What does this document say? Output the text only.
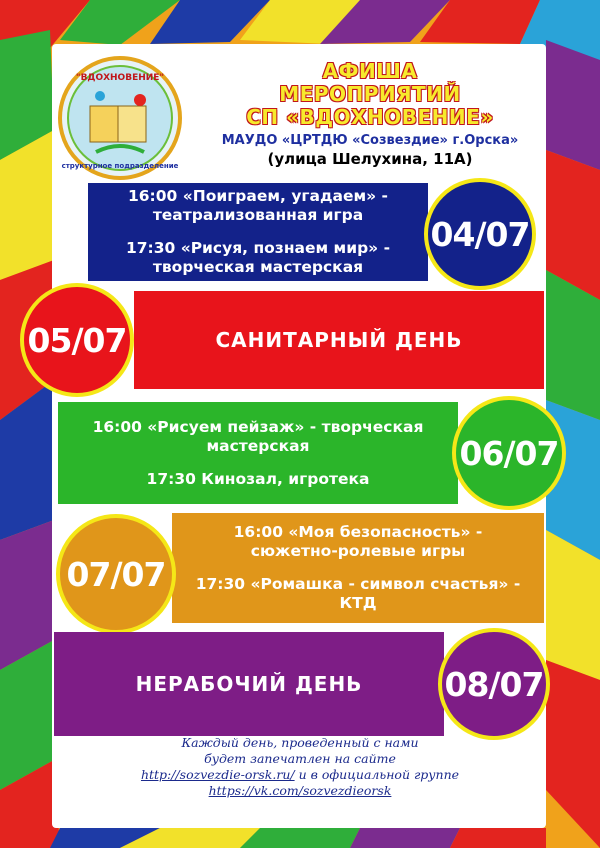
"ВДОХНОВЕНИЕ"
структурное подразделение
АФИША
МЕРОПРИЯТИЙ
СП «ВДОХНОВЕНИЕ»
МАУДО «ЦРТДЮ «Созвездие» г.Орска»
(улица Шелухина, 11А)
16:00 «Поиграем, угадаем» -
театрализованная игра
17:30 «Рисуя, познаем мир» -
творческая мастерская
04/07
САНИТАРНЫЙ ДЕНЬ
05/07
16:00 «Рисуем пейзаж» - творческая
мастерская
17:30 Кинозал, игротека
06/07
16:00 «Моя безопасность» -
сюжетно-ролевые игры
17:30 «Ромашка - символ счастья» -
КТД
07/07
НЕРАБОЧИЙ ДЕНЬ 08/07
Каждый день, проведенный с нами
будет запечатлен на сайте
http://sozvezdie-orsk.ru/ и в официальной группе
https://vk.com/sozvezdieorsk
